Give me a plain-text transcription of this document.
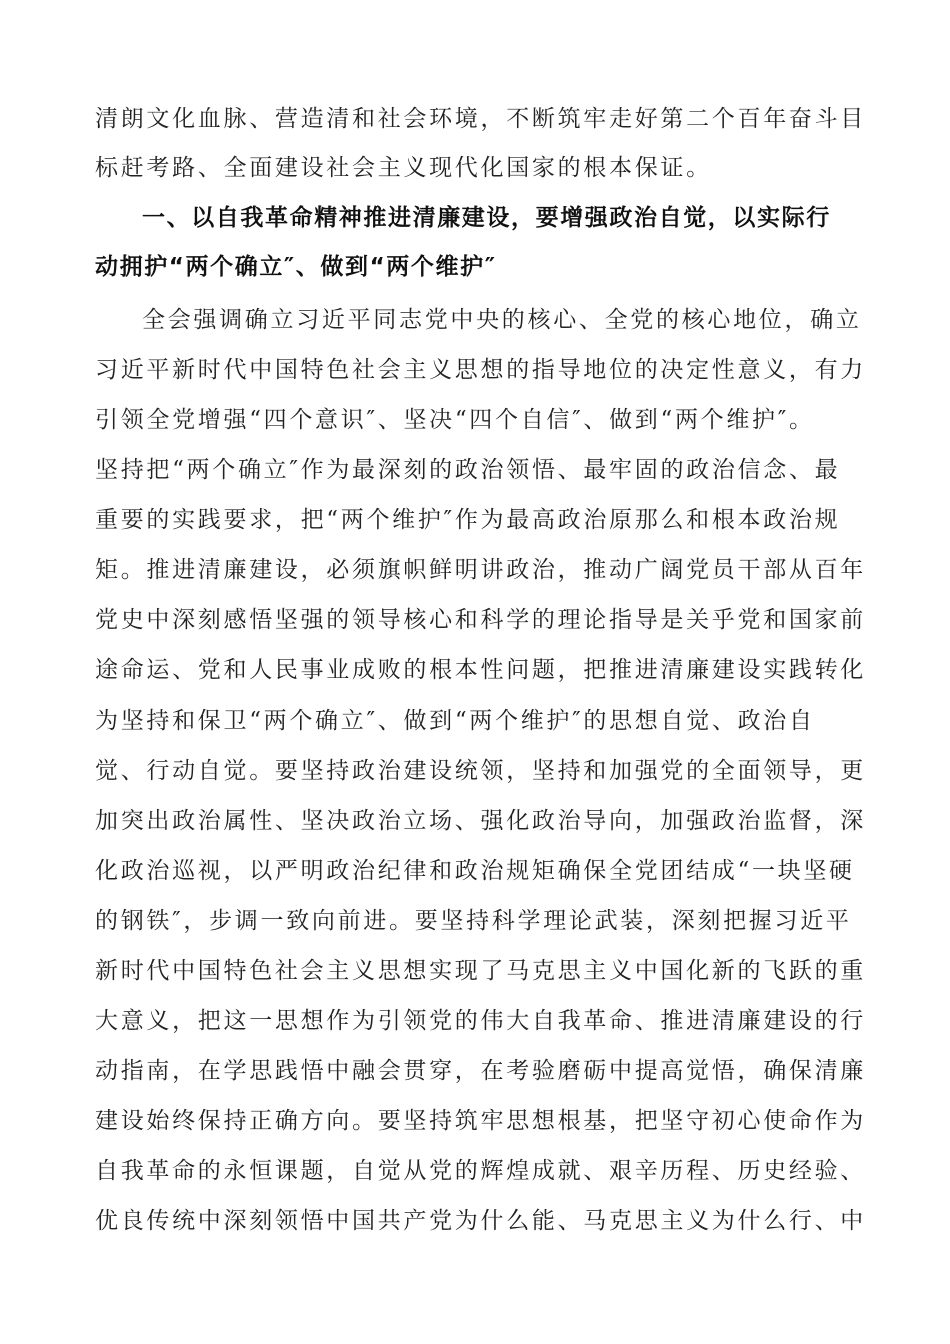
清朗文化血脉、营造清和社会环境，不断筑牢走好第二个百年奋斗目
标赶考路、全面建设社会主义现代化国家的根本保证。
一、以自我革命精神推进清廉建设，要增强政治自觉，以实际行
动拥护“两个确立″、做到“两个维护″
全会强调确立习近平同志党中央的核心、全党的核心地位，确立
习近平新时代中国特色社会主义思想的指导地位的决定性意义，有力
引领全党增强“四个意识″、坚决“四个自信″、做到“两个维护″。
坚持把“两个确立″作为最深刻的政治领悟、最牢固的政治信念、最
重要的实践要求，把“两个维护″作为最高政治原那么和根本政治规
矩。推进清廉建设，必须旗帜鲜明讲政治，推动广阔党员干部从百年
党史中深刻感悟坚强的领导核心和科学的理论指导是关乎党和国家前
途命运、党和人民事业成败的根本性问题，把推进清廉建设实践转化
为坚持和保卫“两个确立″、做到“两个维护″的思想自觉、政治自
觉、行动自觉。要坚持政治建设统领，坚持和加强党的全面领导，更
加突出政治属性、坚决政治立场、强化政治导向，加强政治监督，深
化政治巡视，以严明政治纪律和政治规矩确保全党团结成“一块坚硬
的钢铁″，步调一致向前进。要坚持科学理论武装，深刻把握习近平
新时代中国特色社会主义思想实现了马克思主义中国化新的飞跃的重
大意义，把这一思想作为引领党的伟大自我革命、推进清廉建设的行
动指南，在学思践悟中融会贯穿，在考验磨砺中提高觉悟，确保清廉
建设始终保持正确方向。要坚持筑牢思想根基，把坚守初心使命作为
自我革命的永恒课题，自觉从党的辉煌成就、艰辛历程、历史经验、
优良传统中深刻领悟中国共产党为什么能、马克思主义为什么行、中
